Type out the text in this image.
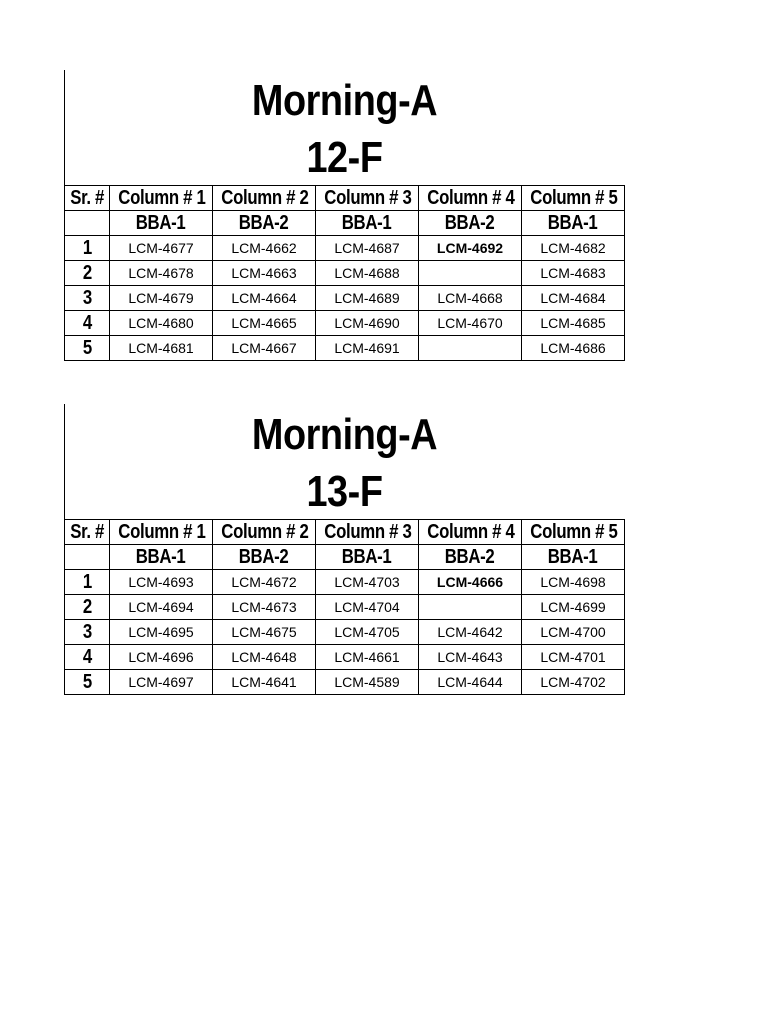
Morning-A
12-F
Sr. #	Column # 1	Column # 2	Column # 3	Column # 4	Column # 5
	BBA-1	BBA-2	BBA-1	BBA-2	BBA-1
1	LCM-4677	LCM-4662	LCM-4687	LCM-4692	LCM-4682
2	LCM-4678	LCM-4663	LCM-4688		LCM-4683
3	LCM-4679	LCM-4664	LCM-4689	LCM-4668	LCM-4684
4	LCM-4680	LCM-4665	LCM-4690	LCM-4670	LCM-4685
5	LCM-4681	LCM-4667	LCM-4691		LCM-4686
Morning-A
13-F
Sr. #	Column # 1	Column # 2	Column # 3	Column # 4	Column # 5
	BBA-1	BBA-2	BBA-1	BBA-2	BBA-1
1	LCM-4693	LCM-4672	LCM-4703	LCM-4666	LCM-4698
2	LCM-4694	LCM-4673	LCM-4704		LCM-4699
3	LCM-4695	LCM-4675	LCM-4705	LCM-4642	LCM-4700
4	LCM-4696	LCM-4648	LCM-4661	LCM-4643	LCM-4701
5	LCM-4697	LCM-4641	LCM-4589	LCM-4644	LCM-4702
